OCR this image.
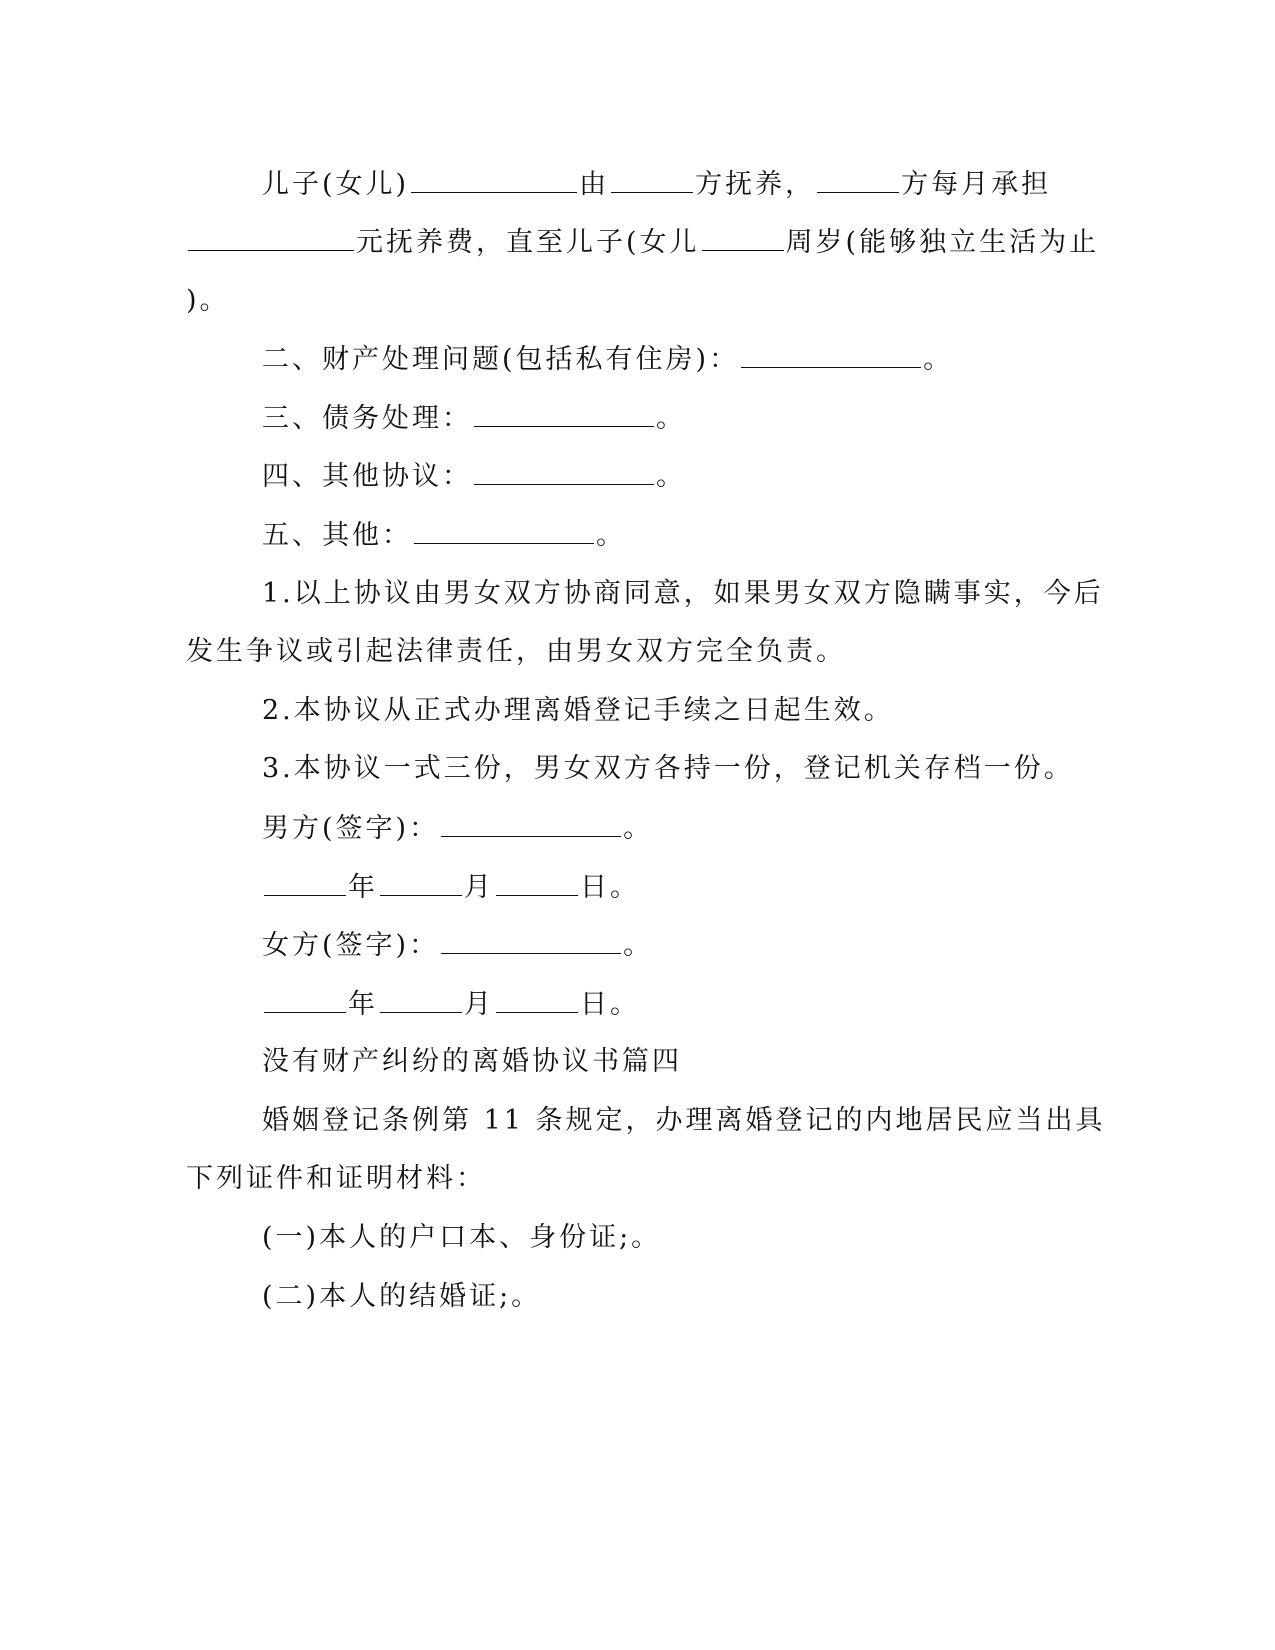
儿子(女儿)	由	方抚养，	方每月承担
元抚养费，直至儿子(女儿	周岁(能够独立生活为止
)。
二、财产处理问题(包括私有住房)：	。
三、债务处理：	。
四、其他协议：	。
五、其他：	。
1.以上协议由男女双方协商同意，如果男女双方隐瞒事实，今后
发生争议或引起法律责任，由男女双方完全负责。
2.本协议从正式办理离婚登记手续之日起生效。
3.本协议一式三份，男女双方各持一份，登记机关存档一份。
男方(签字)：	。
年	月	日。
女方(签字)：	。
年	月	日。
没有财产纠纷的离婚协议书篇四
婚姻登记条例第 11 条规定，办理离婚登记的内地居民应当出具
下列证件和证明材料：
(一)本人的户口本、身份证;。
(二)本人的结婚证;。
